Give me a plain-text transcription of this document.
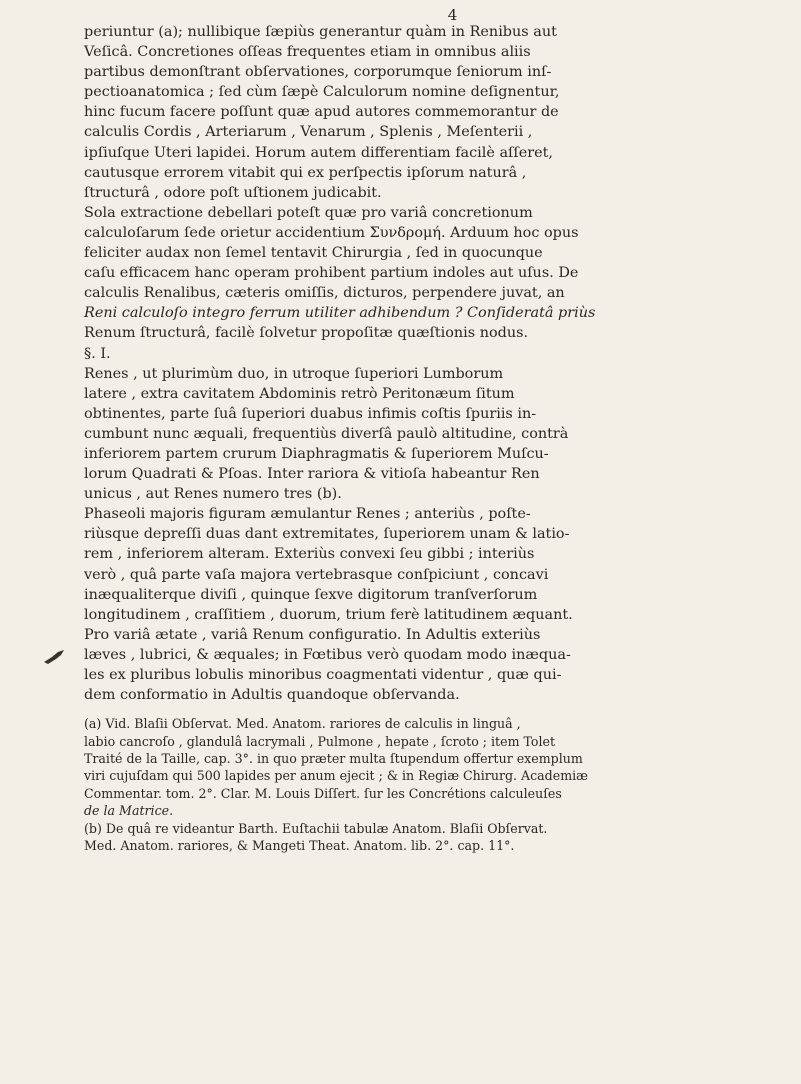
4

periuntur (a); nullibique ſæpiùs generantur quàm in Renibus aut
Veſicâ. Concretiones oſſeas frequentes etiam in omnibus aliis
partibus demonſtrant obſervationes, corporumque ſeniorum inſ-
pectioanatomica ; ſed cùm ſæpè Calculorum nomine deſignentur,
hinc fucum facere poſſunt quæ apud autores commemorantur de
calculis Cordis , Arteriarum , Venarum , Splenis , Meſenterii ,
ipſiuſque Uteri lapidei. Horum autem differentiam facilè aſſeret,
cautusque errorem vitabit qui ex perſpectis ipſorum naturâ ,
ſtructurâ , odore poſt uſtionem judicabit.

Sola extractione debellari poteſt quæ pro variâ concretionum
calculoſarum ſede orietur accidentium Συνδρομή. Arduum hoc opus
feliciter audax non ſemel tentavit Chirurgia , ſed in quocunque
caſu efficacem hanc operam prohibent partium indoles aut uſus. De
calculis Renalibus, cæteris omiſſis, dicturos, perpendere juvat, an
Reni calculoſo integro ferrum utiliter adhibendum ? Conſideratâ priùs
Renum ſtructurâ, facilè ſolvetur propoſitæ quæſtionis nodus.

§. I.

Renes , ut plurimùm duo, in utroque ſuperiori Lumborum
latere , extra cavitatem Abdominis retrò Peritonæum ſitum
obtinentes, parte ſuâ ſuperiori duabus infimis coſtis ſpuriis in-
cumbunt nunc æquali, frequentiùs diverſâ paulò altitudine, contrà
inferiorem partem crurum Diaphragmatis & ſuperiorem Muſcu-
lorum Quadrati & Pſoas. Inter rariora & vitioſa habeantur Ren
unicus , aut Renes numero tres (b).

Phaseoli majoris figuram æmulantur Renes ; anteriùs , poſte-
riùsque depreſſi duas dant extremitates, ſuperiorem unam & latio-
rem , inferiorem alteram. Exteriùs convexi ſeu gibbi ; interiùs
verò , quâ parte vaſa majora vertebrasque conſpiciunt , concavi
inæqualiterque diviſi , quinque ſexve digitorum tranſverſorum
longitudinem , craſſitiem , duorum, trium ferè latitudinem æquant.
Pro variâ ætate , variâ Renum configuratio. In Adultis exteriùs
læves , lubrici, & æquales; in Fœtibus verò quodam modo inæqua-
les ex pluribus lobulis minoribus coagmentati videntur , quæ qui-
dem conformatio in Adultis quandoque obſervanda.

(a) Vid. Blaſii Obſervat. Med. Anatom. rariores de calculis in linguâ ,
labio cancroſo , glandulâ lacrymali , Pulmone , hepate , ſcroto ; item Tolet
Traité de la Taille, cap. 3°. in quo præter multa ſtupendum offertur exemplum
viri cujuſdam qui 500 lapides per anum ejecit ; & in Regiæ Chirurg. Academiæ
Commentar. tom. 2°. Clar. M. Louis Diſſert. ſur les Concrétions calculeuſes
de la Matrice.

(b) De quâ re videantur Barth. Euſtachii tabulæ Anatom. Blaſii Obſervat.
Med. Anatom. rariores, & Mangeti Theat. Anatom. lib. 2°. cap. 11°.
